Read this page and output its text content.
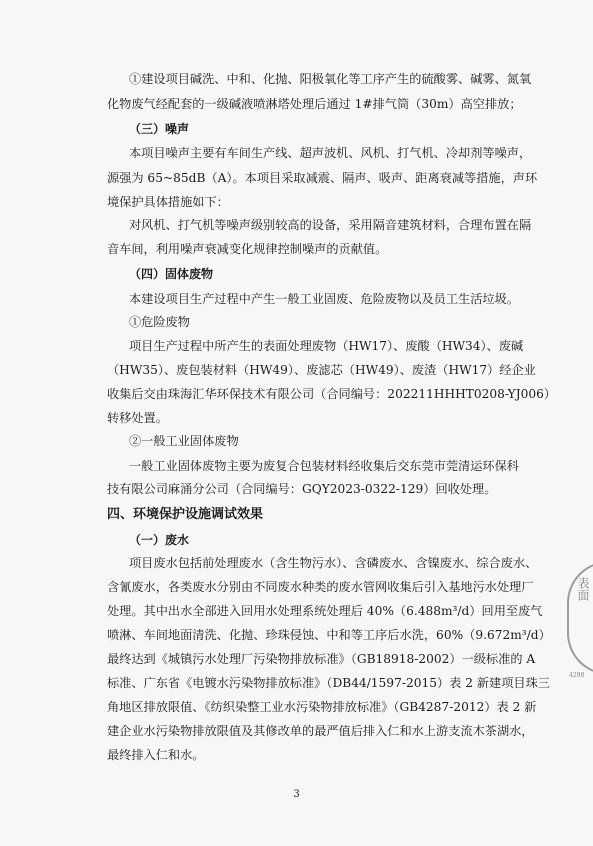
①建设项目碱洗、中和、化抛、阳极氧化等工序产生的硫酸雾、碱雾、氮氧
化物废气经配套的一级碱液喷淋塔处理后通过 1#排气筒（30m）高空排放；
（三）噪声
本项目噪声主要有车间生产线、超声波机、风机、打气机、冷却剂等噪声，
源强为 65~85dB（A）。本项目采取减震、隔声、吸声、距离衰减等措施，声环
境保护具体措施如下：
对风机、打气机等噪声级别较高的设备，采用隔音建筑材料，合理布置在隔
音车间，利用噪声衰减变化规律控制噪声的贡献值。
（四）固体废物
本建设项目生产过程中产生一般工业固废、危险废物以及员工生活垃圾。
①危险废物
项目生产过程中所产生的表面处理废物（HW17）、废酸（HW34）、废碱
（HW35）、废包装材料（HW49）、废滤芯（HW49）、废渣（HW17）经企业
收集后交由珠海汇华环保技术有限公司（合同编号：202211HHHT0208-YJ006）
转移处置。
②一般工业固体废物
一般工业固体废物主要为废复合包装材料经收集后交东莞市莞清运环保科
技有限公司麻涌分公司（合同编号：GQY2023-0322-129）回收处理。
四、环境保护设施调试效果
（一）废水
项目废水包括前处理废水（含生物污水）、含磷废水、含镍废水、综合废水、
含氰废水，各类废水分别由不同废水种类的废水管网收集后引入基地污水处理厂
处理。其中出水全部进入回用水处理系统处理后 40%（6.488m³/d）回用至废气
喷淋、车间地面清洗、化抛、珍珠侵蚀、中和等工序后水洗，60%（9.672m³/d）
最终达到《城镇污水处理厂污染物排放标准》（GB18918-2002）一级标准的 A
标准、广东省《电镀水污染物排放标准》（DB44/1597-2015）表 2 新建项目珠三
角地区排放限值、《纺织染整工业水污染物排放标准》（GB4287-2012）表 2 新
建企业水污染物排放限值及其修改单的最严值后排入仁和水上游支流木茶湖水，
最终排入仁和水。
3
表面
4298
